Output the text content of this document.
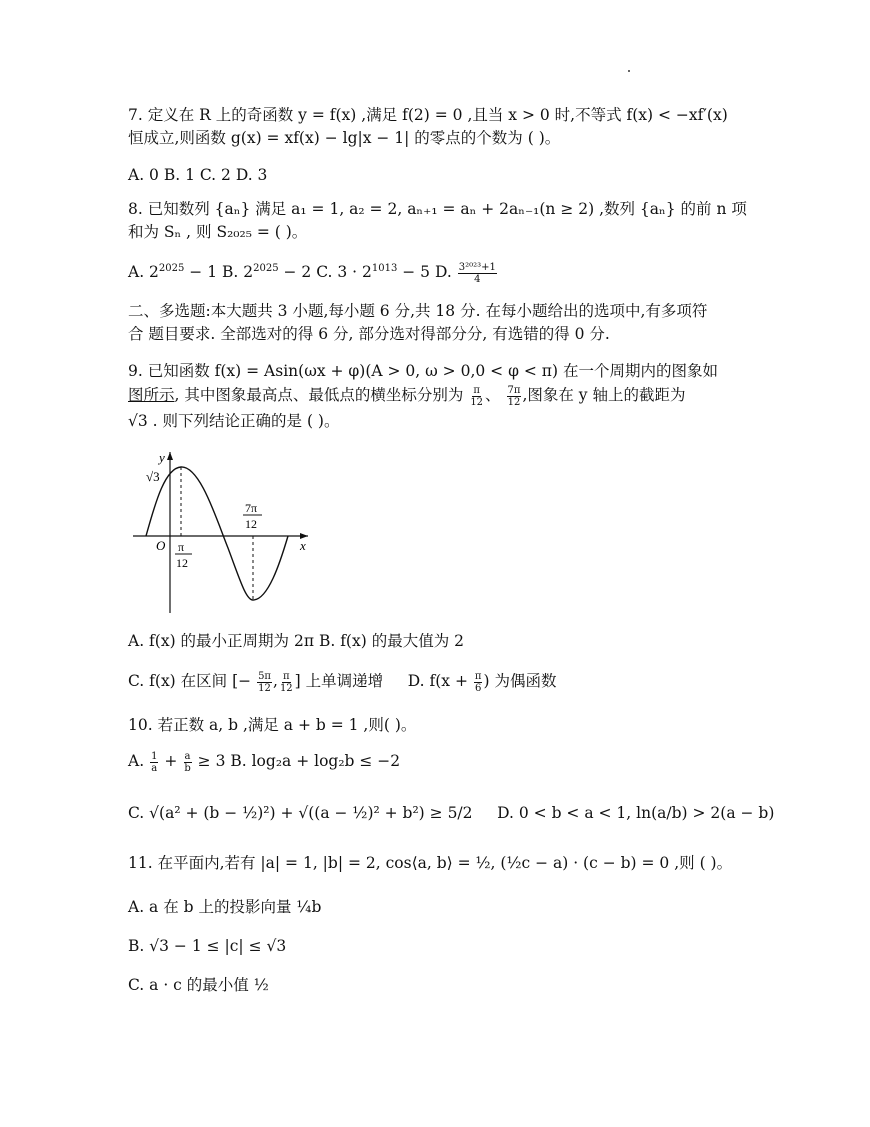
7. 定义在 R 上的奇函数 y = f(x) ,满足 f(2) = 0 ,且当 x > 0 时,不等式 f(x) < −xf′(x)
恒成立,则函数 g(x) = xf(x) − lg|x − 1| 的零点的个数为 ( )。
A. 0 B. 1 C. 2 D. 3
8. 已知数列 {aₙ} 满足 a₁ = 1, a₂ = 2, aₙ₊₁ = aₙ + 2aₙ₋₁(n ≥ 2) ,数列 {aₙ} 的前 n 项
和为 Sₙ , 则 S₂₀₂₅ = ( )。
A. $2^{2025} - 1$ B. $2^{2025} - 2$ C. $3 \cdot 2^{1013} - 5$ D. $\frac{\text{3²⁰²³+1}}{4}$
二、多选题:本大题共 3 小题,每小题 6 分,共 18 分. 在每小题给出的选项中,有多项符
合 题目要求. 全部选对的得 6 分, 部分选对得部分分, 有选错的得 0 分.
9. 已知函数 f(x) = Asin(ωx + φ)(A > 0, ω > 0,0 < φ < π) 在一个周期内的图象如
图所示, 其中图象最高点、最低点的横坐标分别为 $\frac{\pi}{12}$ 、 $\frac{7\pi}{12}$ ,图象在 y 轴上的截距为
√3 . 则下列结论正确的是 ( )。
y
x
O
√3
π
12
7π
12
A. f(x) 的最小正周期为 2π B. f(x) 的最大值为 2
C. f(x) 在区间 [− $\frac{5\pi}{12}$ , $\frac{\pi}{12}$ ] 上单调递增 D. $f(x + \frac{\pi}{6}$ ) 为偶函数
10. 若正数 a, b ,满足 a + b = 1 ,则( )。
A. $\frac{1}{a} + \frac{a}{b} \ge 3$ B. log₂a + log₂b ≤ −2
C. √(a² + (b − ½)²) + √((a − ½)² + b²) ≥ 5/2 D. 0 < b < a < 1, ln(a/b) > 2(a − b)
11. 在平面内,若有 |a| = 1, |b| = 2, cos⟨a, b⟩ = ½, (½c − a) · (c − b) = 0 ,则 ( )。
A. a 在 b 上的投影向量 ¼b
B. √3 − 1 ≤ |c| ≤ √3
C. a · c 的最小值 ½
